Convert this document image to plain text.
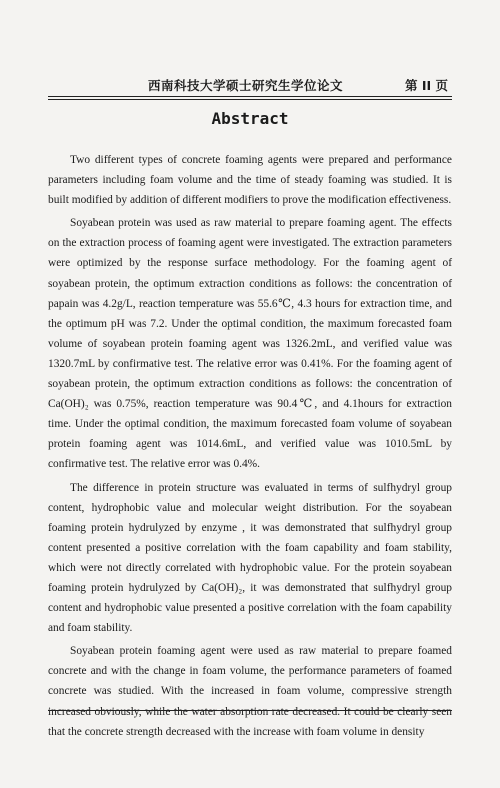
西南科技大学硕士研究生学位论文	第 II 页
Abstract

Two different types of concrete foaming agents were prepared and performance parameters including foam volume and the time of steady foaming was studied. It is built modified by addition of different modifiers to prove the modification effectiveness.

Soyabean protein was used as raw material to prepare foaming agent. The effects on the extraction process of foaming agent were investigated. The extraction parameters were optimized by the response surface methodology. For the foaming agent of soyabean protein, the optimum extraction conditions as follows: the concentration of papain was 4.2g/L, reaction temperature was 55.6℃, 4.3 hours for extraction time, and the optimum pH was 7.2. Under the optimal condition, the maximum forecasted foam volume of soyabean protein foaming agent was 1326.2mL, and verified value was 1320.7mL by confirmative test. The relative error was 0.41%. For the foaming agent of soyabean protein, the optimum extraction conditions as follows: the concentration of Ca(OH)₂ was 0.75%, reaction temperature was 90.4℃, and 4.1hours for extraction time. Under the optimal condition, the maximum forecasted foam volume of soyabean protein foaming agent was 1014.6mL, and verified value was 1010.5mL by confirmative test. The relative error was 0.4%.

The difference in protein structure was evaluated in terms of sulfhydryl group content, hydrophobic value and molecular weight distribution. For the soyabean foaming protein hydrulyzed by enzyme , it was demonstrated that sulfhydryl group content presented a positive correlation with the foam capability and foam stability, which were not directly correlated with hydrophobic value. For the protein soyabean foaming protein hydrulyzed by Ca(OH)₂, it was demonstrated that sulfhydryl group content and hydrophobic value presented a positive correlation with the foam capability and foam stability.

Soyabean protein foaming agent were used as raw material to prepare foamed concrete and with the change in foam volume, the performance parameters of foamed concrete was studied. With the increased in foam volume, compressive strength increased obviously, while the water absorption rate decreased. It could be clearly seen that the concrete strength decreased with the increase with foam volume in density
